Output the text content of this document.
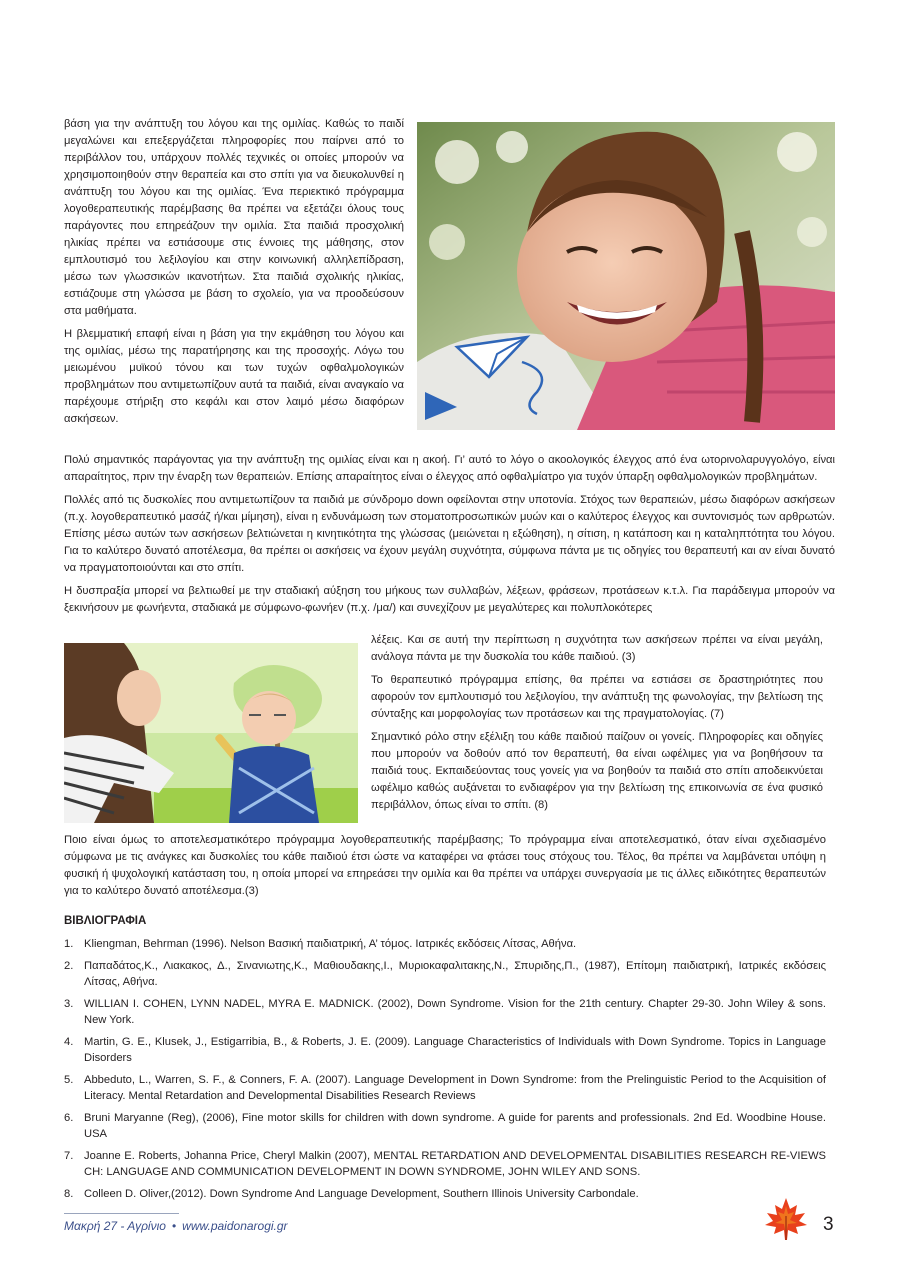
βάση για την ανάπτυξη του λόγου και της ομιλίας. Καθώς το παιδί μεγαλώνει και επεξεργάζεται πληροφορίες που παίρνει από το περιβάλλον του, υπάρχουν πολλές τεχνικές οι οποίες μπορούν να χρησιμοποιηθούν στην θεραπεία και στο σπίτι για να διευκολυνθεί η ανάπτυξη του λόγου και της ομιλίας. Ένα περιεκτικό πρόγραμμα λογοθεραπευτικής παρέμβασης θα πρέπει να εξετάζει όλους τους παράγοντες που επηρεάζουν την ομιλία. Στα παιδιά προσχολική ηλικίας πρέπει να εστιάσουμε στις έννοιες της μάθησης, στον εμπλουτισμό του λεξιλογίου και στην κοινωνική αλληλεπίδραση, μέσω των γλωσσικών ικανοτήτων. Στα παιδιά σχολικής ηλικίας, εστιάζουμε στη γλώσσα με βάση το σχολείο, για να προοδεύσουν στα μαθήματα.

Η βλεμματική επαφή είναι η βάση για την εκμάθηση του λόγου και της ομιλίας, μέσω της παρατήρησης και της προσοχής. Λόγω του μειωμένου μυϊκού τόνου και των τυχών οφθαλμολογικών προβλημάτων που αντιμετωπίζουν αυτά τα παιδιά, είναι αναγκαίο να παρέχουμε στήριξη στο κεφάλι και στον λαιμό μέσω διαφόρων ασκήσεων.

Πολύ σημαντικός παράγοντας για την ανάπτυξη της ομιλίας είναι και η ακοή. Γι’ αυτό το λόγο ο ακοολογικός έλεγχος από ένα ωτορινολαρυγγολόγο, είναι απαραίτητος, πριν την έναρξη των θεραπειών. Επίσης απαραίτητος είναι ο έλεγχος από οφθαλμίατρο για τυχόν ύπαρξη οφθαλμολογικών προβλημάτων.

Πολλές από τις δυσκολίες που αντιμετωπίζουν τα παιδιά με σύνδρομο down οφείλονται στην υποτονία. Στόχος των θεραπειών, μέσω διαφόρων ασκήσεων (π.χ. λογοθεραπευτικό μασάζ ή/και μίμηση), είναι η ενδυνάμωση των στοματοπροσωπικών μυών και ο καλύτερος έλεγχος και συντονισμός των αρθρωτών. Επίσης μέσω αυτών των ασκήσεων βελτιώνεται η κινητικότητα της γλώσσας (μειώνεται η εξώθηση), η σίτιση, η κατάποση και η καταληπτότητα του λόγου. Για το καλύτερο δυνατό αποτέλεσμα, θα πρέπει οι ασκήσεις να έχουν μεγάλη συχνότητα, σύμφωνα πάντα με τις οδηγίες του θεραπευτή και αν είναι δυνατό να πραγματοποιούνται και στο σπίτι.

Η δυσπραξία μπορεί να βελτιωθεί με την σταδιακή αύξηση του μήκους των συλλαβών, λέξεων, φράσεων, προτάσεων κ.τ.λ. Για παράδειγμα μπορούν να ξεκινήσουν με φωνήεντα, σταδιακά με σύμφωνο-φωνήεν (π.χ. /μα/) και συνεχίζουν με μεγαλύτερες και πολυπλοκότερες

λέξεις. Και σε αυτή την περίπτωση η συχνότητα των ασκήσεων πρέπει να είναι μεγάλη, ανάλογα πάντα με την δυσκολία του κάθε παιδιού. (3)

Το θεραπευτικό πρόγραμμα επίσης, θα πρέπει να εστιάσει σε δραστηριότητες που αφορούν τον εμπλουτισμό του λεξιλογίου, την ανάπτυξη της φωνολογίας, την βελτίωση της σύνταξης και μορφολογίας των προτάσεων και της πραγματολογίας. (7)

Σημαντικό ρόλο στην εξέλιξη του κάθε παιδιού παίζουν οι γονείς. Πληροφορίες και οδηγίες που μπορούν να δοθούν από τον θεραπευτή, θα είναι ωφέλιμες για να βοηθήσουν τα παιδιά τους. Εκπαιδεύοντας τους γονείς για να βοηθούν τα παιδιά στο σπίτι αποδεικνύεται ωφέλιμο καθώς αυξάνεται το ενδιαφέρον για την βελτίωση της επικοινωνία σε ένα φυσικό περιβάλλον, όπως είναι το σπίτι. (8)

Ποιο είναι όμως το αποτελεσματικότερο πρόγραμμα λογοθεραπευτικής παρέμβασης; Το πρόγραμμα είναι αποτελεσματικό, όταν είναι σχεδιασμένο σύμφωνα με τις ανάγκες και δυσκολίες του κάθε παιδιού έτσι ώστε να καταφέρει να φτάσει τους στόχους του. Τέλος, θα πρέπει να λαμβάνεται υπόψη η φυσική ή ψυχολογική κατάσταση του, η οποία μπορεί να επηρεάσει την ομιλία και θα πρέπει να υπάρχει συνεργασία με τις άλλες ειδικότητες θεραπευτών για το καλύτερο δυνατό αποτέλεσμα.(3)

ΒΙΒΛΙΟΓΡΑΦΙΑ
1. Kliengman, Behrman (1996). Nelson Βασική παιδιατρική, Α’ τόμος. Ιατρικές εκδόσεις Λίτσας, Αθήνα.
2. Παπαδάτος,Κ., Λιακακος, Δ., Σινανιωτης,Κ., Μαθιουδακης,Ι., Μυριοκαφαλιτακης,Ν., Σπυριδης,Π., (1987), Επίτομη παιδιατρική, Ιατρικές εκδόσεις Λίτσας, Αθήνα.
3. WILLIAN I. COHEN, LYNN NADEL, MYRA E. MADNICK. (2002), Down Syndrome. Vision for the 21th century. Chapter 29-30. John Wiley & sons. New York.
4. Martin, G. E., Klusek, J., Estigarribia, B., & Roberts, J. E. (2009). Language Characteristics of Individuals with Down Syndrome. Topics in Language Disorders
5. Abbeduto, L., Warren, S. F., & Conners, F. A. (2007). Language Development in Down Syndrome: from the Prelinguistic Period to the Acquisition of Literacy. Mental Retardation and Developmental Disabilities Research Reviews
6. Bruni Maryanne (Reg), (2006), Fine motor skills for children with down syndrome. A guide for parents and professionals. 2nd Ed. Woodbine House. USA
7. Joanne E. Roberts, Johanna Price, Cheryl Malkin (2007), MENTAL RETARDATION AND DEVELOPMENTAL DISABILITIES RESEARCH RE-VIEWS CH: LANGUAGE AND COMMUNICATION DEVELOPMENT IN DOWN SYNDROME, JOHN WILEY AND SONS.
8. Colleen D. Oliver,(2012). Down Syndrome And Language Development, Southern Illinois University Carbondale.
Μακρή 27 - Αγρίνιο • www.paidonarogi.gr	3
